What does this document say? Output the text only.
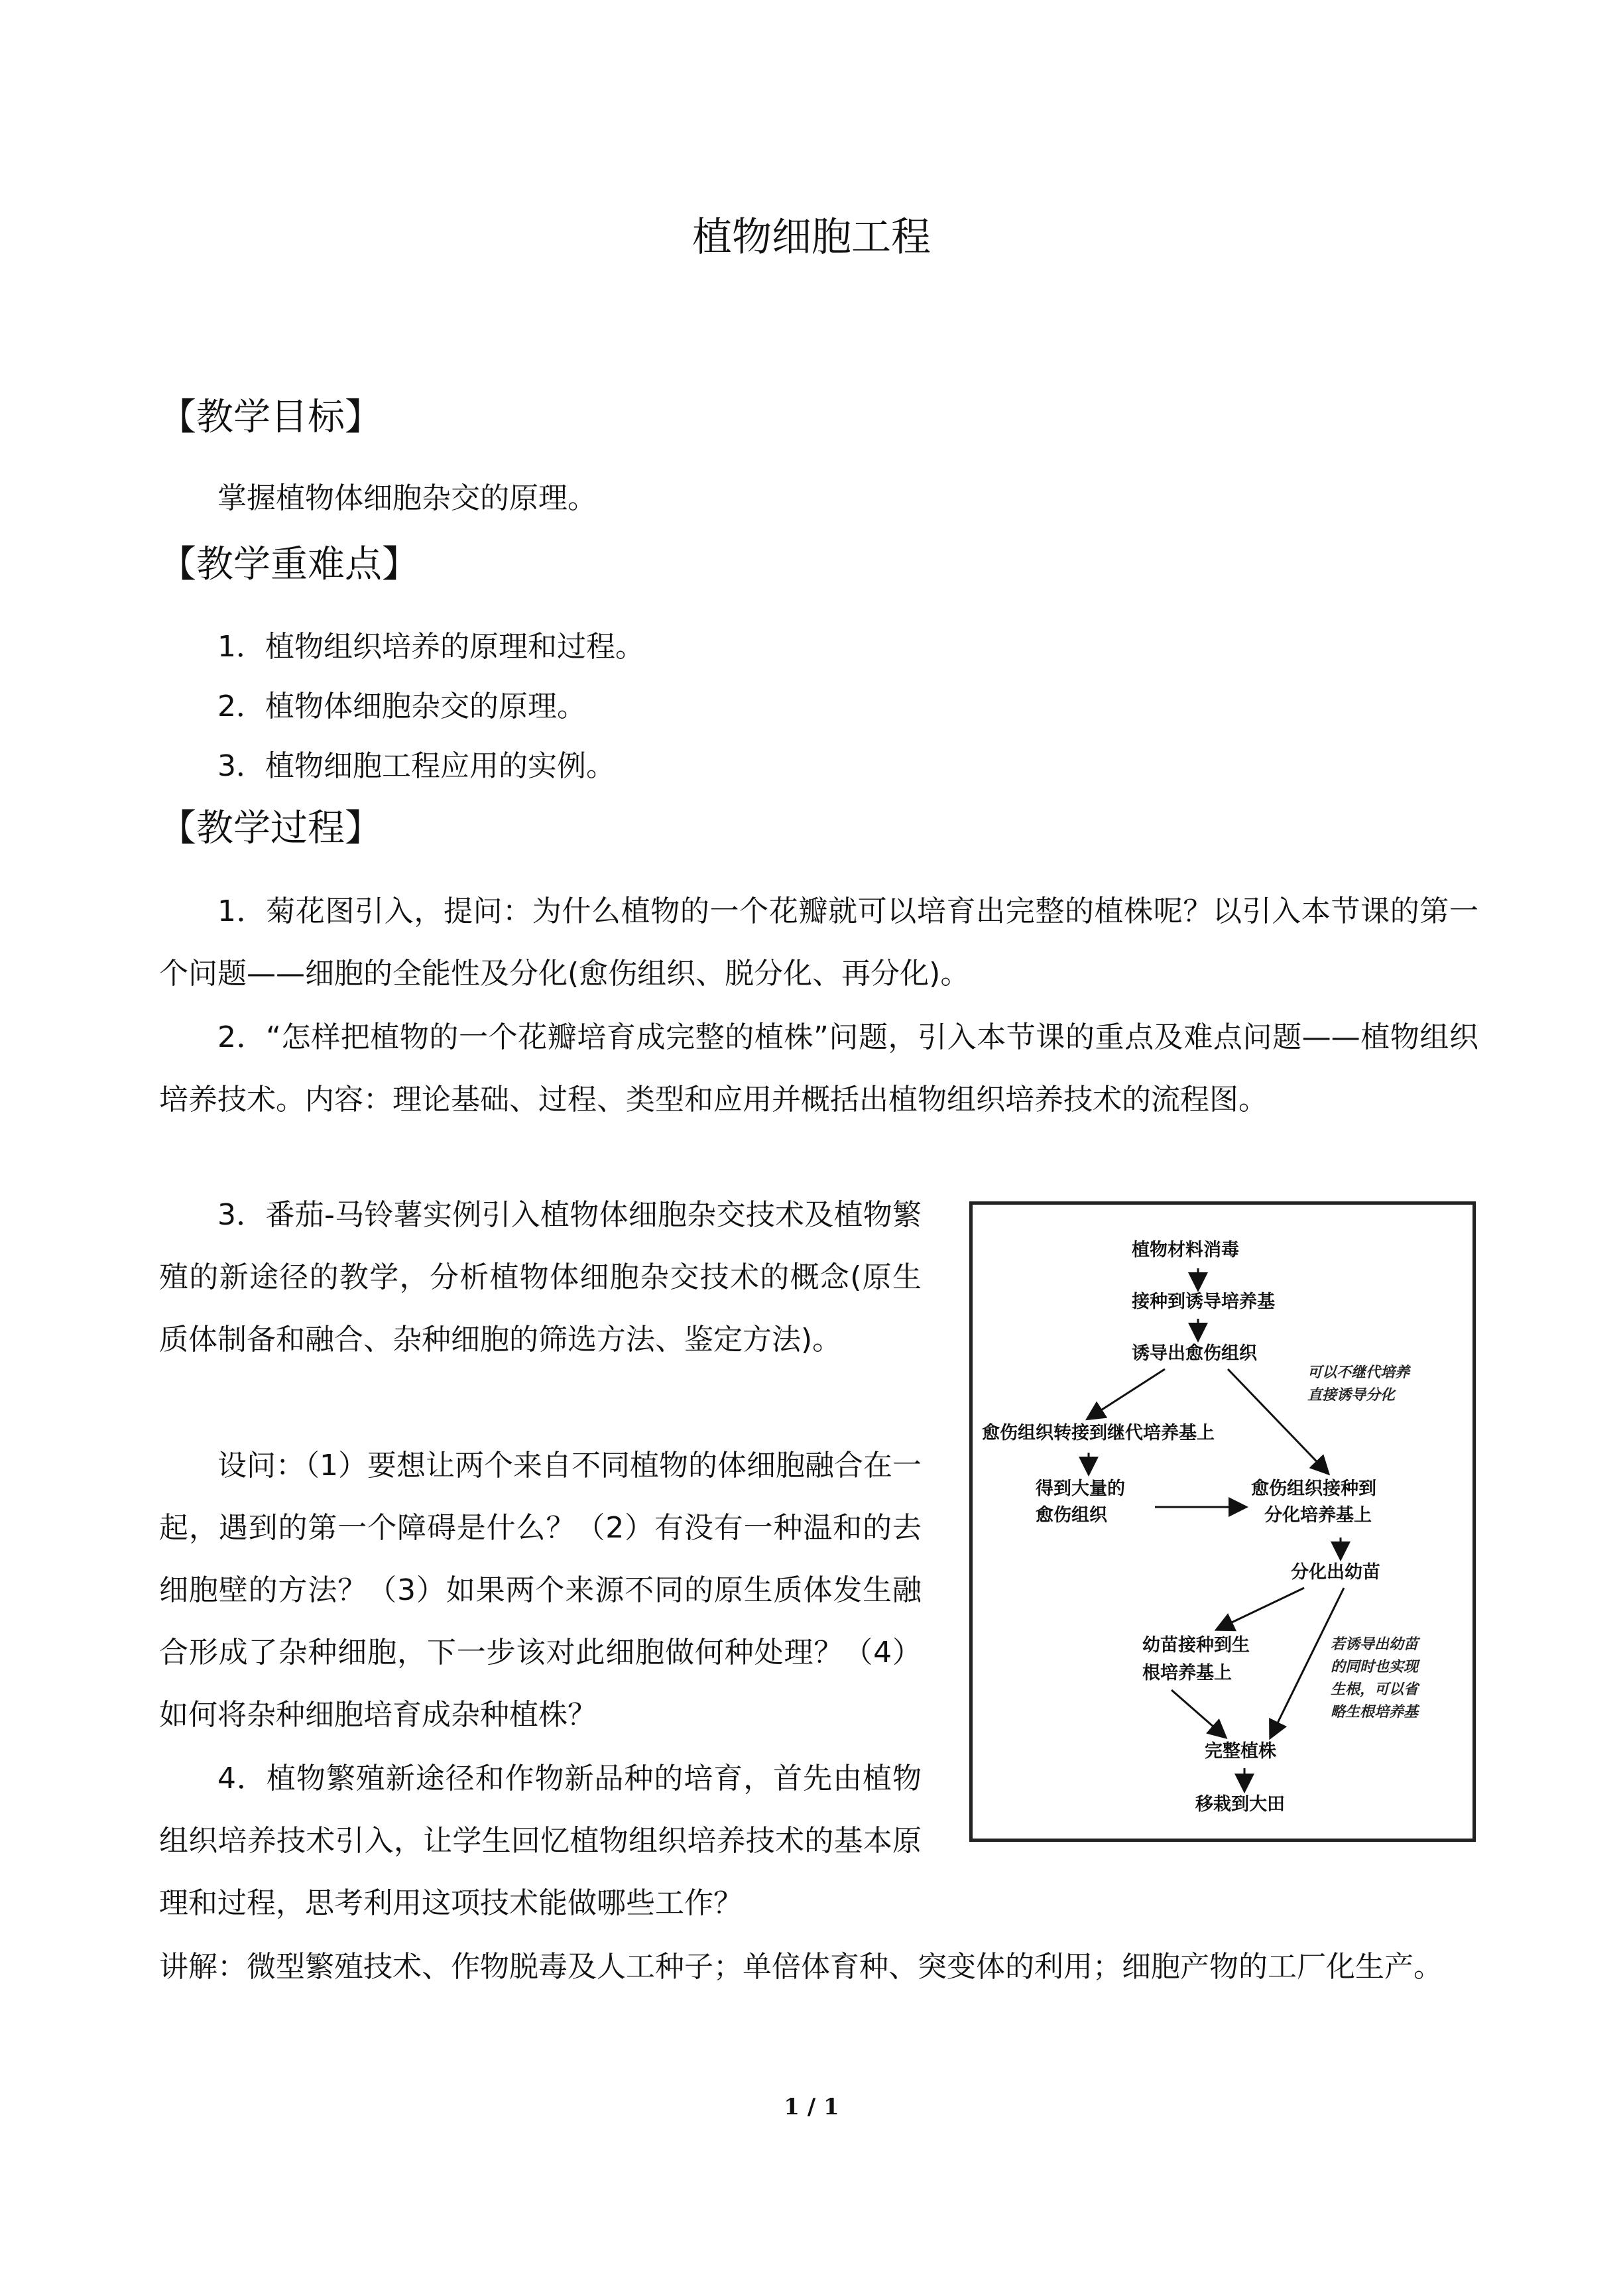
植物细胞工程
【教学目标】
掌握植物体细胞杂交的原理。
【教学重难点】
1．植物组织培养的原理和过程。
2．植物体细胞杂交的原理。
3．植物细胞工程应用的实例。
【教学过程】
1．菊花图引入，提问：为什么植物的一个花瓣就可以培育出完整的植株呢？以引入本节课的第一个问题——细胞的全能性及分化(愈伤组织、脱分化、再分化)。
2．“怎样把植物的一个花瓣培育成完整的植株”问题，引入本节课的重点及难点问题——植物组织培养技术。内容：理论基础、过程、类型和应用并概括出植物组织培养技术的流程图。
3．番茄-马铃薯实例引入植物体细胞杂交技术及植物繁殖的新途径的教学，分析植物体细胞杂交技术的概念(原生质体制备和融合、杂种细胞的筛选方法、鉴定方法)。
设问：（1）要想让两个来自不同植物的体细胞融合在一起，遇到的第一个障碍是什么？（2）有没有一种温和的去细胞壁的方法？（3）如果两个来源不同的原生质体发生融合形成了杂种细胞，下一步该对此细胞做何种处理？（4）如何将杂种细胞培育成杂种植株？
4．植物繁殖新途径和作物新品种的培育，首先由植物组织培养技术引入，让学生回忆植物组织培养技术的基本原理和过程，思考利用这项技术能做哪些工作？
讲解：微型繁殖技术、作物脱毒及人工种子；单倍体育种、突变体的利用；细胞产物的工厂化生产。
植物材料消毒
接种到诱导培养基
诱导出愈伤组织
可以不继代培养
直接诱导分化
愈伤组织转接到继代培养基上
得到大量的
愈伤组织
愈伤组织接种到
分化培养基上
分化出幼苗
幼苗接种到生
根培养基上
若诱导出幼苗
的同时也实现
生根，可以省
略生根培养基
完整植株
移栽到大田
1 / 1
